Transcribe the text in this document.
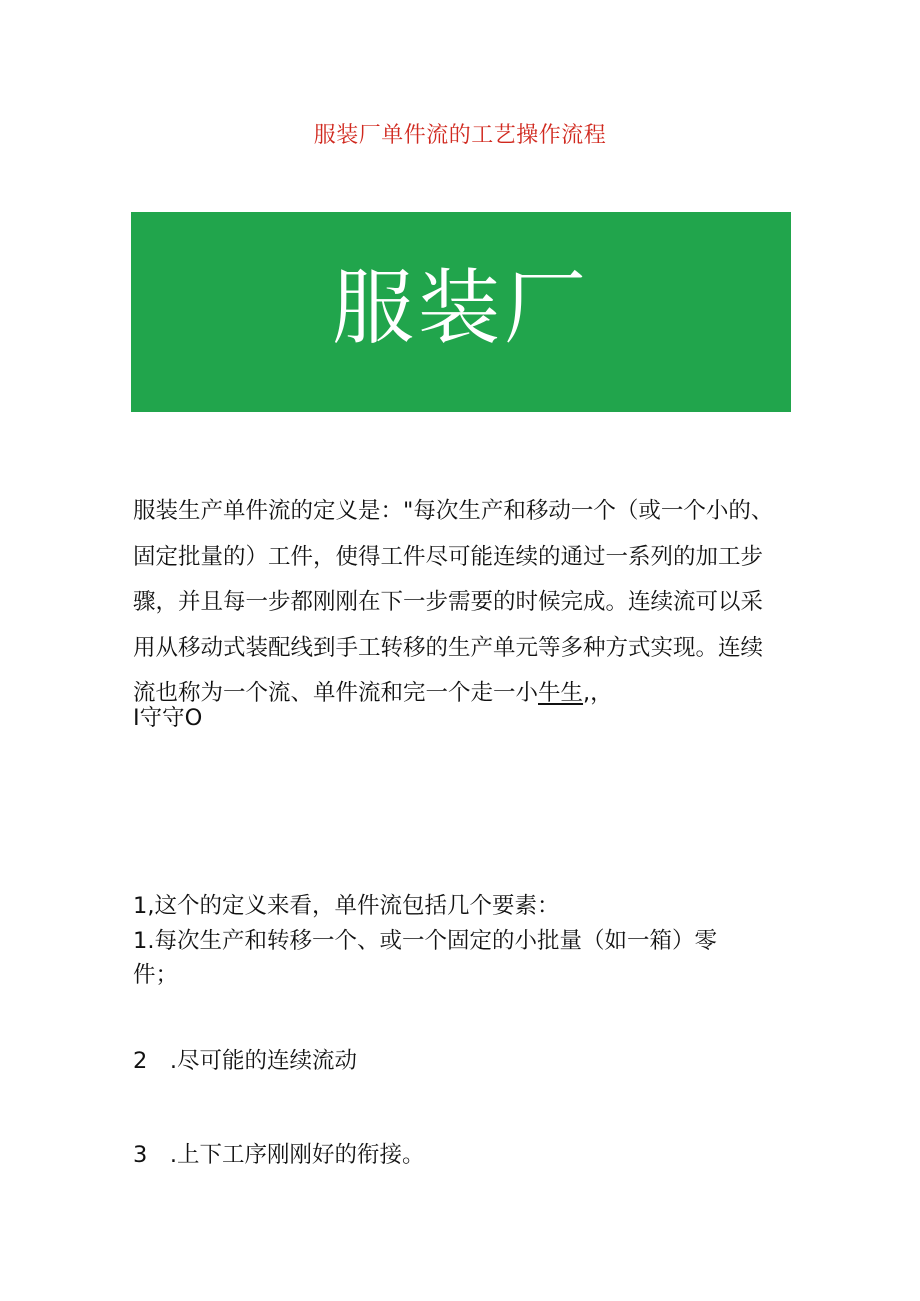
服装厂单件流的工艺操作流程
服装厂
服装生产单件流的定义是："每次生产和移动一个（或一个小的、
固定批量的）工件，使得工件尽可能连续的通过一系列的加工步
骤，并且每一步都刚刚在下一步需要的时候完成。连续流可以采
用从移动式装配线到手工转移的生产单元等多种方式实现。连续
流也称为一个流、单件流和完一个走一小牛生,，
I守守O
1,这个的定义来看，单件流包括几个要素：
1.每次生产和转移一个、或一个固定的小批量（如一箱）零
件；
2　.尽可能的连续流动
3　.上下工序刚刚好的衔接。
